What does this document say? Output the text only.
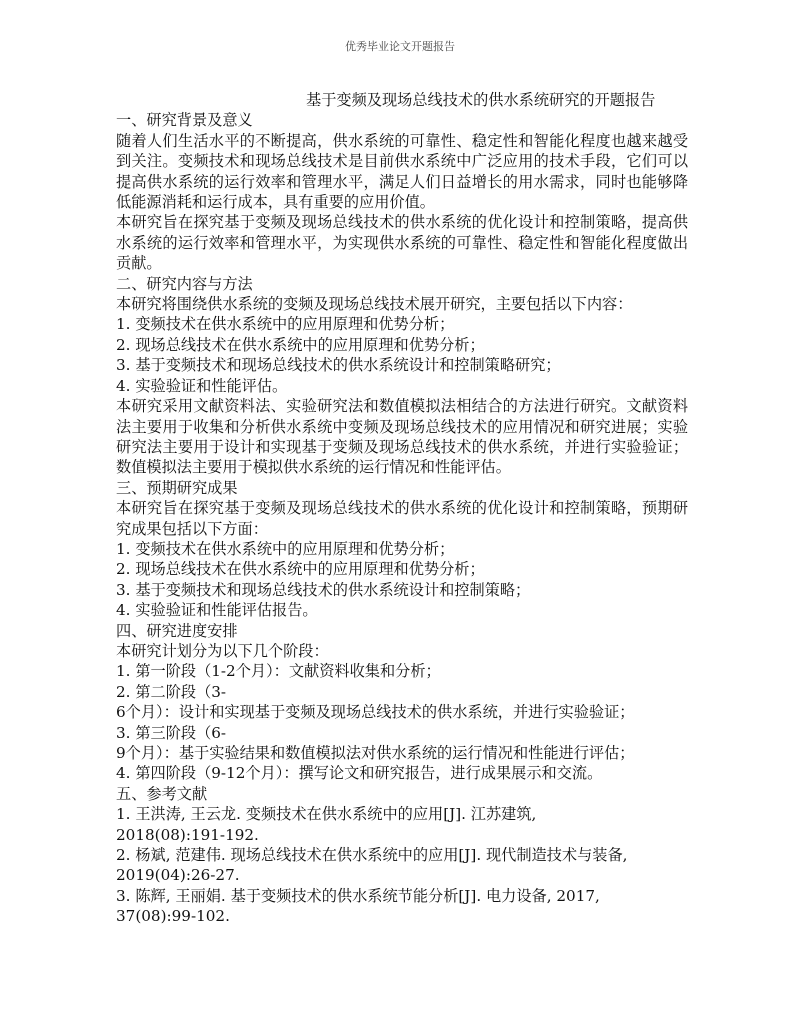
优秀毕业论文开题报告
基于变频及现场总线技术的供水系统研究的开题报告
一、研究背景及意义
随着人们生活水平的不断提高，供水系统的可靠性、稳定性和智能化程度也越来越受到关注。变频技术和现场总线技术是目前供水系统中广泛应用的技术手段，它们可以提高供水系统的运行效率和管理水平，满足人们日益增长的用水需求，同时也能够降低能源消耗和运行成本，具有重要的应用价值。
本研究旨在探究基于变频及现场总线技术的供水系统的优化设计和控制策略，提高供水系统的运行效率和管理水平，为实现供水系统的可靠性、稳定性和智能化程度做出贡献。
二、研究内容与方法
本研究将围绕供水系统的变频及现场总线技术展开研究，主要包括以下内容：
1. 变频技术在供水系统中的应用原理和优势分析；
2. 现场总线技术在供水系统中的应用原理和优势分析；
3. 基于变频技术和现场总线技术的供水系统设计和控制策略研究；
4. 实验验证和性能评估。
本研究采用文献资料法、实验研究法和数值模拟法相结合的方法进行研究。文献资料法主要用于收集和分析供水系统中变频及现场总线技术的应用情况和研究进展；实验研究法主要用于设计和实现基于变频及现场总线技术的供水系统，并进行实验验证；数值模拟法主要用于模拟供水系统的运行情况和性能评估。
三、预期研究成果
本研究旨在探究基于变频及现场总线技术的供水系统的优化设计和控制策略，预期研究成果包括以下方面：
1. 变频技术在供水系统中的应用原理和优势分析；
2. 现场总线技术在供水系统中的应用原理和优势分析；
3. 基于变频技术和现场总线技术的供水系统设计和控制策略；
4. 实验验证和性能评估报告。
四、研究进度安排
本研究计划分为以下几个阶段：
1. 第一阶段（1-2个月）：文献资料收集和分析；
2. 第二阶段（3-
6个月）：设计和实现基于变频及现场总线技术的供水系统，并进行实验验证；
3. 第三阶段（6-
9个月）：基于实验结果和数值模拟法对供水系统的运行情况和性能进行评估；
4. 第四阶段（9-12个月）：撰写论文和研究报告，进行成果展示和交流。
五、参考文献
1. 王洪涛, 王云龙. 变频技术在供水系统中的应用[J]. 江苏建筑,
2018(08):191-192.
2. 杨斌, 范建伟. 现场总线技术在供水系统中的应用[J]. 现代制造技术与装备,
2019(04):26-27.
3. 陈辉, 王丽娟. 基于变频技术的供水系统节能分析[J]. 电力设备, 2017,
37(08):99-102.
